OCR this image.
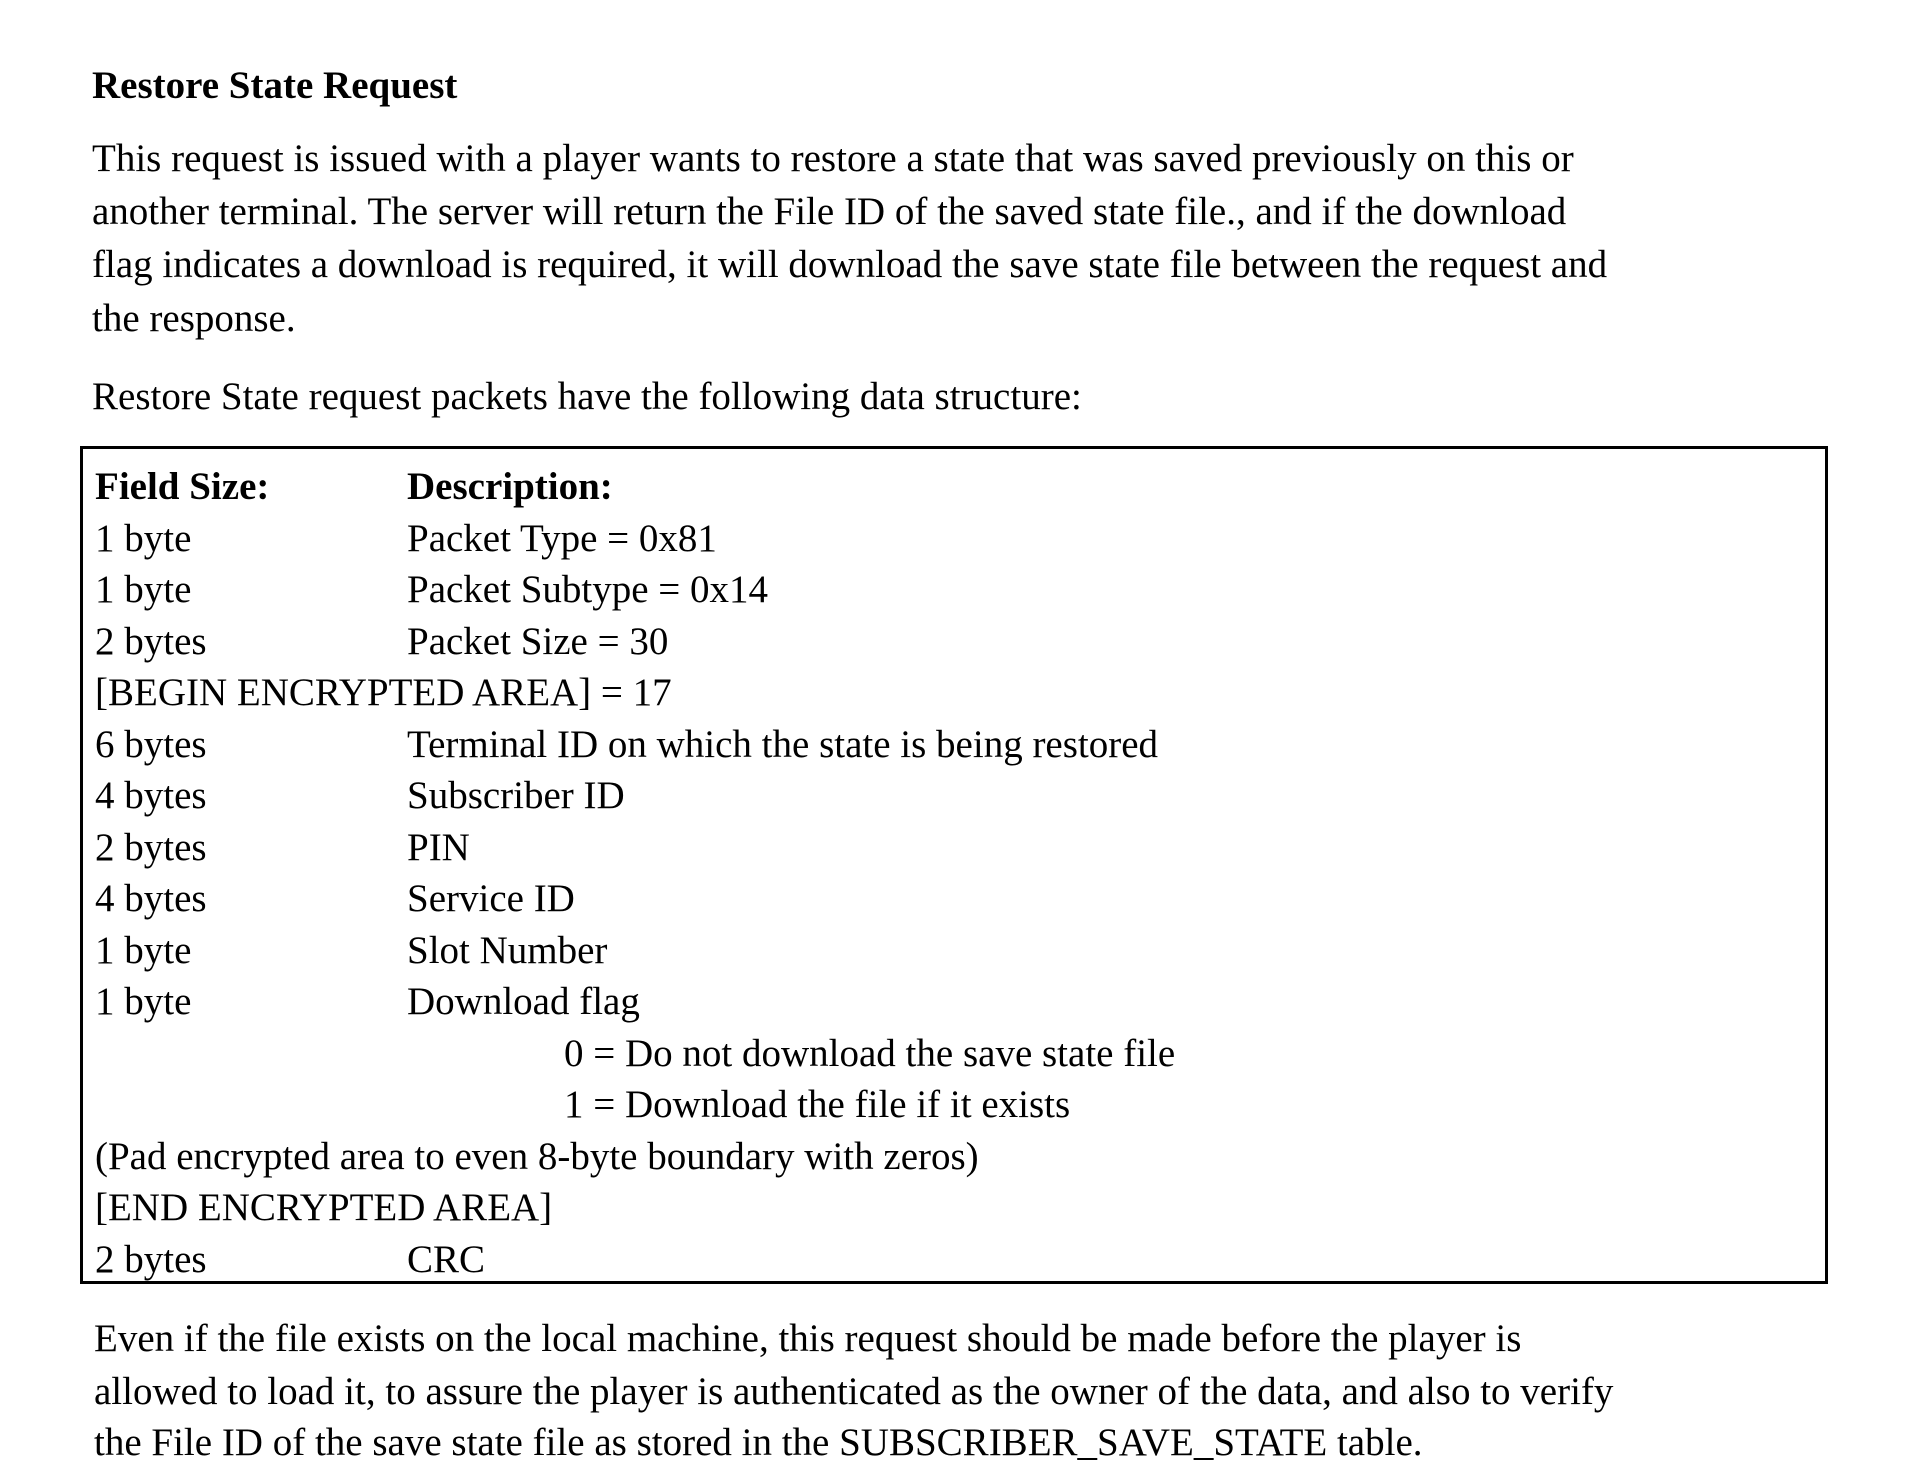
Restore State Request
This request is issued with a player wants to restore a state that was saved previously on this or
another terminal. The server will return the File ID of the saved state file., and if the download
flag indicates a download is required, it will download the save state file between the request and
the response.
Restore State request packets have the following data structure:
Field Size:	Description:
1 byte	Packet Type = 0x81
1 byte	Packet Subtype = 0x14
2 bytes	Packet Size = 30
[BEGIN ENCRYPTED AREA] = 17
6 bytes	Terminal ID on which the state is being restored
4 bytes	Subscriber ID
2 bytes	PIN
4 bytes	Service ID
1 byte	Slot Number
1 byte	Download flag
0 = Do not download the save state file
1 = Download the file if it exists
(Pad encrypted area to even 8-byte boundary with zeros)
[END ENCRYPTED AREA]
2 bytes	CRC
Even if the file exists on the local machine, this request should be made before the player is
allowed to load it, to assure the player is authenticated as the owner of the data, and also to verify
the File ID of the save state file as stored in the SUBSCRIBER_SAVE_STATE table.
